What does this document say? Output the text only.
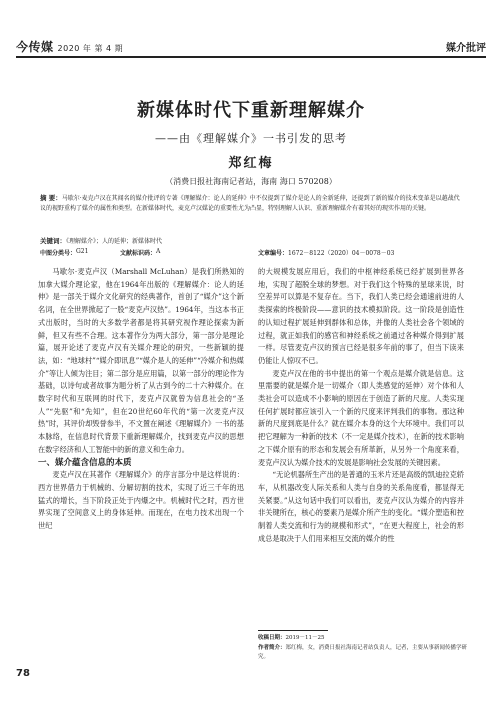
今传媒 2020 年 第 4 期	媒介批评
新媒体时代下重新理解媒介
——由《理解媒介》一书引发的思考
郑红梅
（消费日报社海南记者站，海南 海口 570208）
摘 要：马歇尔·麦克卢汉在其闻名的媒介批评的专著《理解媒介：论人的延伸》中不仅提到了媒介是论人的全新延伸，还提到了新的媒介的技术变革是以越战代议的视野重构了媒介的属性和类型。在新媒体时代，麦克卢汉媒论的重要性尤为凸显，特别理解人认识、重新理解媒介有着其好的现实作用的关键。
关键词：《理解媒介》；人的延伸；新媒体时代
中图分类号： G21	文献标识码： A	文章编号： 1672－8122（2020）04－0078－03

马歇尔·麦克卢汉（Marshall McLuhan）是我们所熟知的加拿大媒介理论家，他在1964年出版的《理解媒介：论人的延伸》是一部关于媒介文化研究的经典著作，首创了“媒介”这个新名词，在全世界掀起了一股“麦克卢汉热”。1964年，当这本书正式出版时，当时的大多数学者都是将其研究视作理论探索为新鲜，但又有些不合理。这本著作分为两大部分，第一部分是理论篇，展开论述了麦克卢汉有关媒介理论的研究，一些新颖的提法，如：“地球村”“媒介即讯息”“媒介是人的延伸”“冷媒介和热媒介”等让人倾为注目；第二部分是应用篇，以第一部分的理论作为基础，以诗句或者故事为题分析了从古到今的二十六种媒介。在数字时代和互联网的时代下，麦克卢汉就曾为信息社会的“圣人”“先驱”和“先知”，但在20世纪60年代的“第一次麦克卢汉热”时，其评价却毁誉参半，不文置在阐述《理解媒介》一书的基本脉络，在信息时代背景下重新理解媒介，找到麦克卢汉的思想在数字经济和人工智能中的新的意义和生命力。

一、媒介蕴含信息的本质

麦克卢汉在其著作《理解媒介》的序言部分中是这样说的：西方世界借力于机械的、分解切割的技术，实现了近三千年的迅猛式的增长，当下阶段正处于内爆之中。机械时代之时，西方世界实现了空间意义上的身体延伸。而现在，在电力技术出现一个世纪

的大规模发展应用后，我们的中枢神经系统已经扩展到世界各地，实现了超脱全球的梦想。对于我们这个特殊的星球来说，时空差异可以算是不复存在。当下，我们人类已经会通速前进的人类探索的终极阶段——意识的技术模拟阶段。这一阶段是创造性的认知过程扩展延伸到群体和总体，并像的人类社会各个领域的过程，就正如我们的感官和神经系统之前通过各种媒介得到扩展一样。尽管麦克卢汉的预言已经是很多年前的事了，但当下读来仍能让人惊叹不已。

麦克卢汉在他的书中提出的第一个观点是媒介就是信息。这里需要的就是媒介是一切媒介（即人类感觉的延伸）对个体和人类社会可以造成不小影响的原因在于创造了新的尺度。人类实现任何扩展时都应该引入一个新的尺度来评判我们的事物。那这种新的尺度到底是什么？就在媒介本身的这个大环境中。我们可以把它理解为一种新的技术（不一定是媒介技术），在新的技术影响之下媒介原有的形态和发展会有所革新，从另外一个角度来看，麦克卢汉认为媒介技术的发展是影响社会发展的关键因素。

“无论机器所生产出的是普通的玉米片还是高级的凯迪拉克轿车，从机器改变人际关系和人类与自身的关系角度看，都显得无关紧要。”从这句话中我们可以看出，麦克卢汉认为媒介的内容并非关键所在，核心的要素乃是媒介所产生的变化。“媒介塑造和控制着人类交流和行为的规模和形式”，“在更大程度上，社会的形成总是取决于人们用来相互交流的媒介的性

收稿日期：2019－11－25
作者简介：郑红梅，女，消费日报社海南记者站负责人，记者，主要从事新闻传播学研究。
78
